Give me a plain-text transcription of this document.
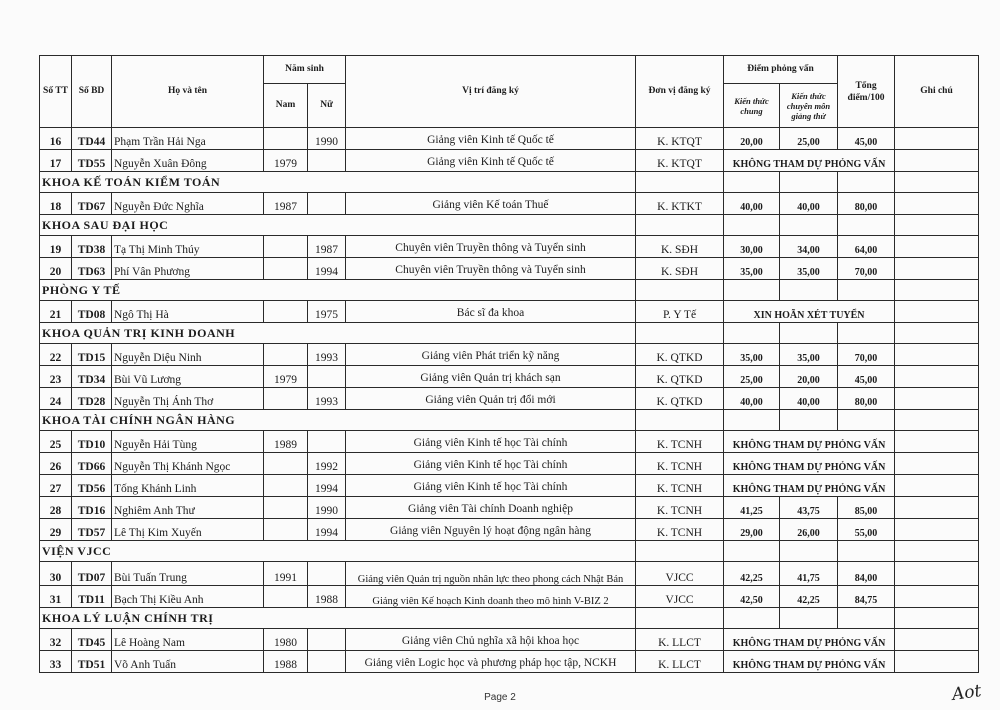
Số TT	Số BD	Họ và tên	Năm sinh		Vị trí đăng ký	Đơn vị đăng ký	Điểm phỏng vấn		Tổng điểm/100	Ghi chú
			Nam	Nữ			Kiến thức chung	Kiến thức chuyên môn giảng thử		

16	TD44	Phạm Trần Hải Nga		1990	Giảng viên Kinh tế Quốc tế	K. KTQT	20,00	25,00	45,00	
17	TD55	Nguyễn Xuân Đông	1979		Giảng viên Kinh tế Quốc tế	K. KTQT	KHÔNG THAM DỰ PHỎNG VẤN			
KHOA KẾ TOÁN KIỂM TOÁN										
18	TD67	Nguyễn Đức Nghĩa	1987		Giảng viên Kế toán Thuế	K. KTKT	40,00	40,00	80,00	
KHOA SAU ĐẠI HỌC										
19	TD38	Tạ Thị Minh Thúy		1987	Chuyên viên Truyền thông và Tuyển sinh	K. SĐH	30,00	34,00	64,00	
20	TD63	Phí Vân Phương		1994	Chuyên viên Truyền thông và Tuyển sinh	K. SĐH	35,00	35,00	70,00	
PHÒNG Y TẾ										
21	TD08	Ngô Thị Hà		1975	Bác sĩ đa khoa	P. Y Tế	XIN HOÃN XÉT TUYỂN			
KHOA QUẢN TRỊ KINH DOANH										
22	TD15	Nguyễn Diệu Ninh		1993	Giảng viên Phát triển kỹ năng	K. QTKD	35,00	35,00	70,00	
23	TD34	Bùi Vũ Lương	1979		Giảng viên Quản trị khách sạn	K. QTKD	25,00	20,00	45,00	
24	TD28	Nguyễn Thị Ánh Thơ		1993	Giảng viên Quản trị đổi mới	K. QTKD	40,00	40,00	80,00	
KHOA TÀI CHÍNH NGÂN HÀNG										
25	TD10	Nguyễn Hải Tùng	1989		Giảng viên Kinh tế học Tài chính	K. TCNH	KHÔNG THAM DỰ PHỎNG VẤN			
26	TD66	Nguyễn Thị Khánh Ngọc		1992	Giảng viên Kinh tế học Tài chính	K. TCNH	KHÔNG THAM DỰ PHỎNG VẤN			
27	TD56	Tống Khánh Linh		1994	Giảng viên Kinh tế học Tài chính	K. TCNH	KHÔNG THAM DỰ PHỎNG VẤN			
28	TD16	Nghiêm Anh Thư		1990	Giảng viên Tài chính Doanh nghiệp	K. TCNH	41,25	43,75	85,00	
29	TD57	Lê Thị Kim Xuyến		1994	Giảng viên Nguyên lý hoạt động ngân hàng	K. TCNH	29,00	26,00	55,00	
VIỆN VJCC										
30	TD07	Bùi Tuấn Trung	1991		Giảng viên Quản trị nguồn nhân lực theo phong cách Nhật Bản	VJCC	42,25	41,75	84,00	
31	TD11	Bạch Thị Kiều Anh		1988	Giảng viên Kế hoạch Kinh doanh theo mô hình V-BIZ 2	VJCC	42,50	42,25	84,75	
KHOA LÝ LUẬN CHÍNH TRỊ										
32	TD45	Lê Hoàng Nam	1980		Giảng viên Chủ nghĩa xã hội khoa học	K. LLCT	KHÔNG THAM DỰ PHỎNG VẤN			
33	TD51	Võ Anh Tuấn	1988		Giảng viên Logic học và phương pháp học tập, NCKH	K. LLCT	KHÔNG THAM DỰ PHỎNG VẤN			
Page 2	Aot
